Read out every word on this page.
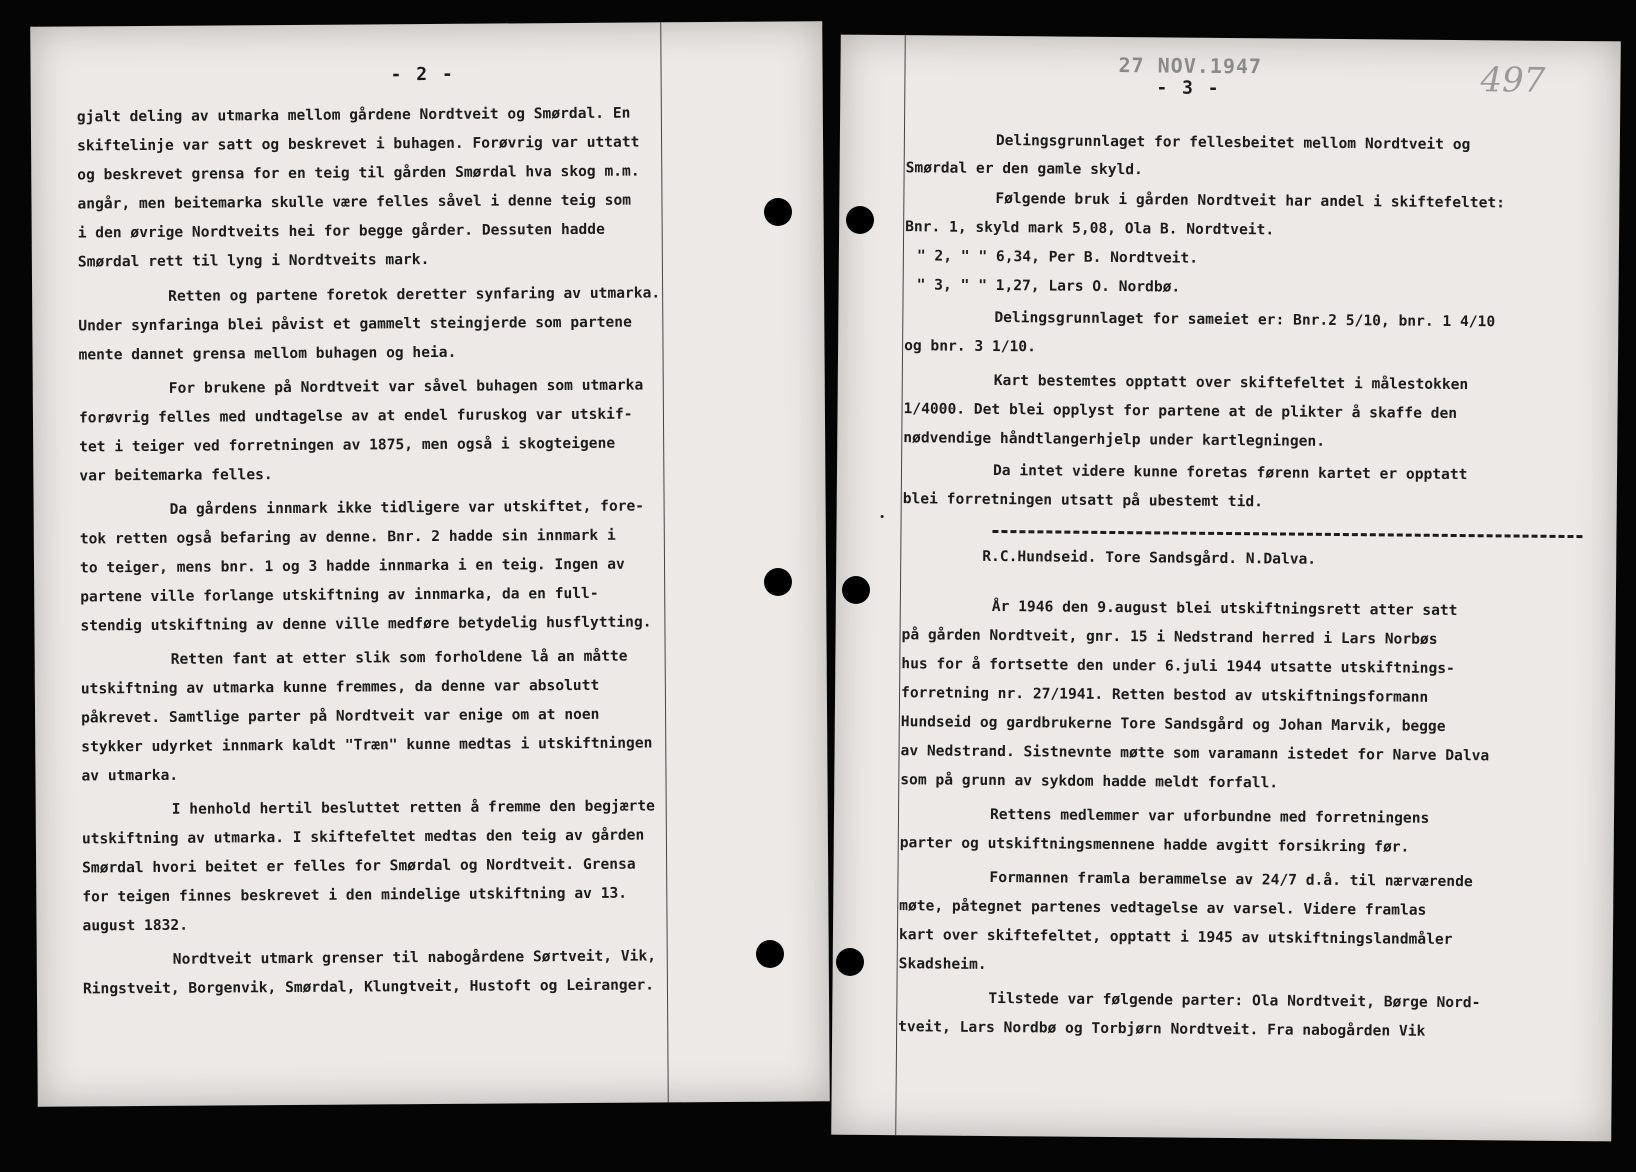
- 2 -
gjalt deling av utmarka mellom gårdene Nordtveit og Smørdal. En
skiftelinje var satt og beskrevet i buhagen. Forøvrig var uttatt
og beskrevet grensa for en teig til gården Smørdal hva skog m.m.
angår, men beitemarka skulle være felles såvel i denne teig som
i den øvrige Nordtveits hei for begge gårder. Dessuten hadde
Smørdal rett til lyng i Nordtveits mark.
Retten og partene foretok deretter synfaring av utmarka.
Under synfaringa blei påvist et gammelt steingjerde som partene
mente dannet grensa mellom buhagen og heia.
For brukene på Nordtveit var såvel buhagen som utmarka
forøvrig felles med undtagelse av at endel furuskog var utskif-
tet i teiger ved forretningen av 1875, men også i skogteigene
var beitemarka felles.
Da gårdens innmark ikke tidligere var utskiftet, fore-
tok retten også befaring av denne. Bnr. 2 hadde sin innmark i
to teiger, mens bnr. 1 og 3 hadde innmarka i en teig. Ingen av
partene ville forlange utskiftning av innmarka, da en full-
stendig utskiftning av denne ville medføre betydelig husflytting.
Retten fant at etter slik som forholdene lå an måtte
utskiftning av utmarka kunne fremmes, da denne var absolutt
påkrevet. Samtlige parter på Nordtveit var enige om at noen
stykker udyrket innmark kaldt "Træn" kunne medtas i utskiftningen
av utmarka.
I henhold hertil besluttet retten å fremme den begjærte
utskiftning av utmarka. I skiftefeltet medtas den teig av gården
Smørdal hvori beitet er felles for Smørdal og Nordtveit. Grensa
for teigen finnes beskrevet i den mindelige utskiftning av 13.
august 1832.
Nordtveit utmark grenser til nabogårdene Sørtveit, Vik,
Ringstveit, Borgenvik, Smørdal, Klungtveit, Hustoft og Leiranger.
27 NOV.1947
- 3 -	497
Delingsgrunnlaget for fellesbeitet mellom Nordtveit og
Smørdal er den gamle skyld.
Følgende bruk i gården Nordtveit har andel i skiftefeltet:
Bnr. 1, skyld mark 5,08, Ola B. Nordtveit.
" 2, " " 6,34, Per B. Nordtveit.
" 3, " " 1,27, Lars O. Nordbø.
Delingsgrunnlaget for sameiet er: Bnr.2 5/10, bnr. 1 4/10
og bnr. 3 1/10.
Kart bestemtes opptatt over skiftefeltet i målestokken
1/4000. Det blei opplyst for partene at de plikter å skaffe den
nødvendige håndtlangerhjelp under kartlegningen.
Da intet videre kunne foretas førenn kartet er opptatt
blei forretningen utsatt på ubestemt tid.
R.C.Hundseid. Tore Sandsgård. N.Dalva.
År 1946 den 9.august blei utskiftningsrett atter satt
på gården Nordtveit, gnr. 15 i Nedstrand herred i Lars Norbøs
hus for å fortsette den under 6.juli 1944 utsatte utskiftnings-
forretning nr. 27/1941. Retten bestod av utskiftningsformann
Hundseid og gardbrukerne Tore Sandsgård og Johan Marvik, begge
av Nedstrand. Sistnevnte møtte som varamann istedet for Narve Dalva
som på grunn av sykdom hadde meldt forfall.
Rettens medlemmer var uforbundne med forretningens
parter og utskiftningsmennene hadde avgitt forsikring før.
Formannen framla berammelse av 24/7 d.å. til nærværende
møte, påtegnet partenes vedtagelse av varsel. Videre framlas
kart over skiftefeltet, opptatt i 1945 av utskiftningslandmåler
Skadsheim.
Tilstede var følgende parter: Ola Nordtveit, Børge Nord-
tveit, Lars Nordbø og Torbjørn Nordtveit. Fra nabogården Vik
